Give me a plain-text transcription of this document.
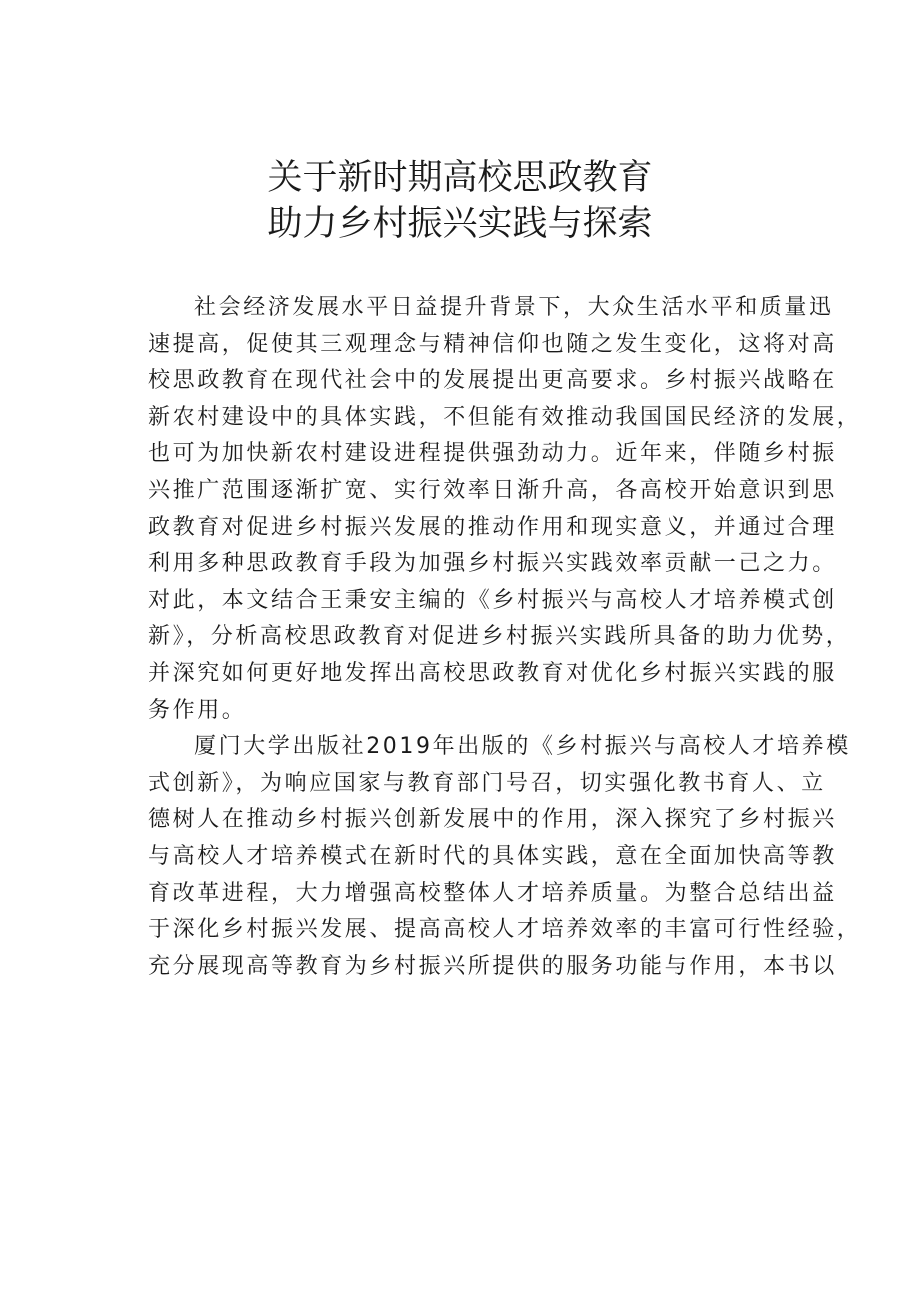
关于新时期高校思政教育
助力乡村振兴实践与探索
社会经济发展水平日益提升背景下，大众生活水平和质量迅
速提高，促使其三观理念与精神信仰也随之发生变化，这将对高
校思政教育在现代社会中的发展提出更高要求。乡村振兴战略在
新农村建设中的具体实践，不但能有效推动我国国民经济的发展，
也可为加快新农村建设进程提供强劲动力。近年来，伴随乡村振
兴推广范围逐渐扩宽、实行效率日渐升高，各高校开始意识到思
政教育对促进乡村振兴发展的推动作用和现实意义，并通过合理
利用多种思政教育手段为加强乡村振兴实践效率贡献一己之力。
对此，本文结合王秉安主编的《乡村振兴与高校人才培养模式创
新》，分析高校思政教育对促进乡村振兴实践所具备的助力优势，
并深究如何更好地发挥出高校思政教育对优化乡村振兴实践的服
务作用。
厦门大学出版社2019年出版的《乡村振兴与高校人才培养模
式创新》，为响应国家与教育部门号召，切实强化教书育人、立
德树人在推动乡村振兴创新发展中的作用，深入探究了乡村振兴
与高校人才培养模式在新时代的具体实践，意在全面加快高等教
育改革进程，大力增强高校整体人才培养质量。为整合总结出益
于深化乡村振兴发展、提高高校人才培养效率的丰富可行性经验，
充分展现高等教育为乡村振兴所提供的服务功能与作用，本书以
